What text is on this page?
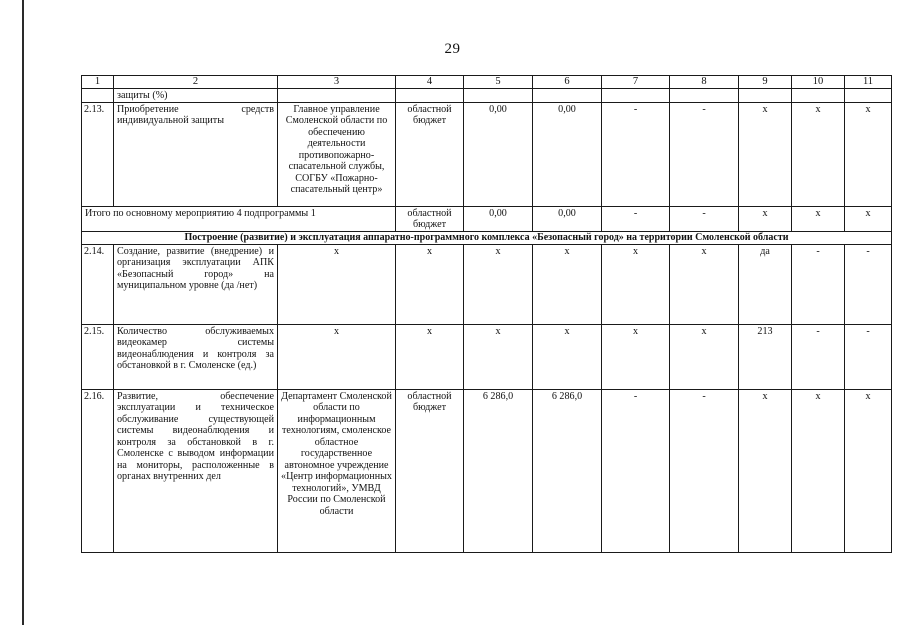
29
1	2	3	4	5	6	7	8	9	10	11
	защиты (%)									
2.13.	Приобретение средств индивидуальной защиты	Главное управление Смоленской области по обеспечению деятельности противопожарно-спасательной службы, СОГБУ «Пожарно-спасательный центр»	областной бюджет	0,00	0,00	-	-	х	х	х
Итого по основному мероприятию 4 подпрограммы 1			областной бюджет	0,00	0,00	-	-	х	х	х
Построение (развитие) и эксплуатация аппаратно-программного комплекса «Безопасный город» на территории Смоленской области										
2.14.	Создание, развитие (внедрение) и организация эксплуатации АПК «Безопасный город» на муниципальном уровне (да /нет)	х	х	х	х	х	х	да	-	-
2.15.	Количество обслуживаемых видеокамер системы видеонаблюдения и контроля за обстановкой в г. Смоленске (ед.)	х	х	х	х	х	х	213	-	-
2.16.	Развитие, обеспечение эксплуатации и техническое обслуживание существующей системы видеонаблюдения и контроля за обстановкой в г. Смоленске с выводом информации на мониторы, расположенные в органах внутренних дел	Департамент Смоленской области по информационным технологиям, смоленское областное государственное автономное учреждение «Центр информационных технологий», УМВД России по Смоленской области	областной бюджет	6 286,0	6 286,0	-	-	х	х	х
